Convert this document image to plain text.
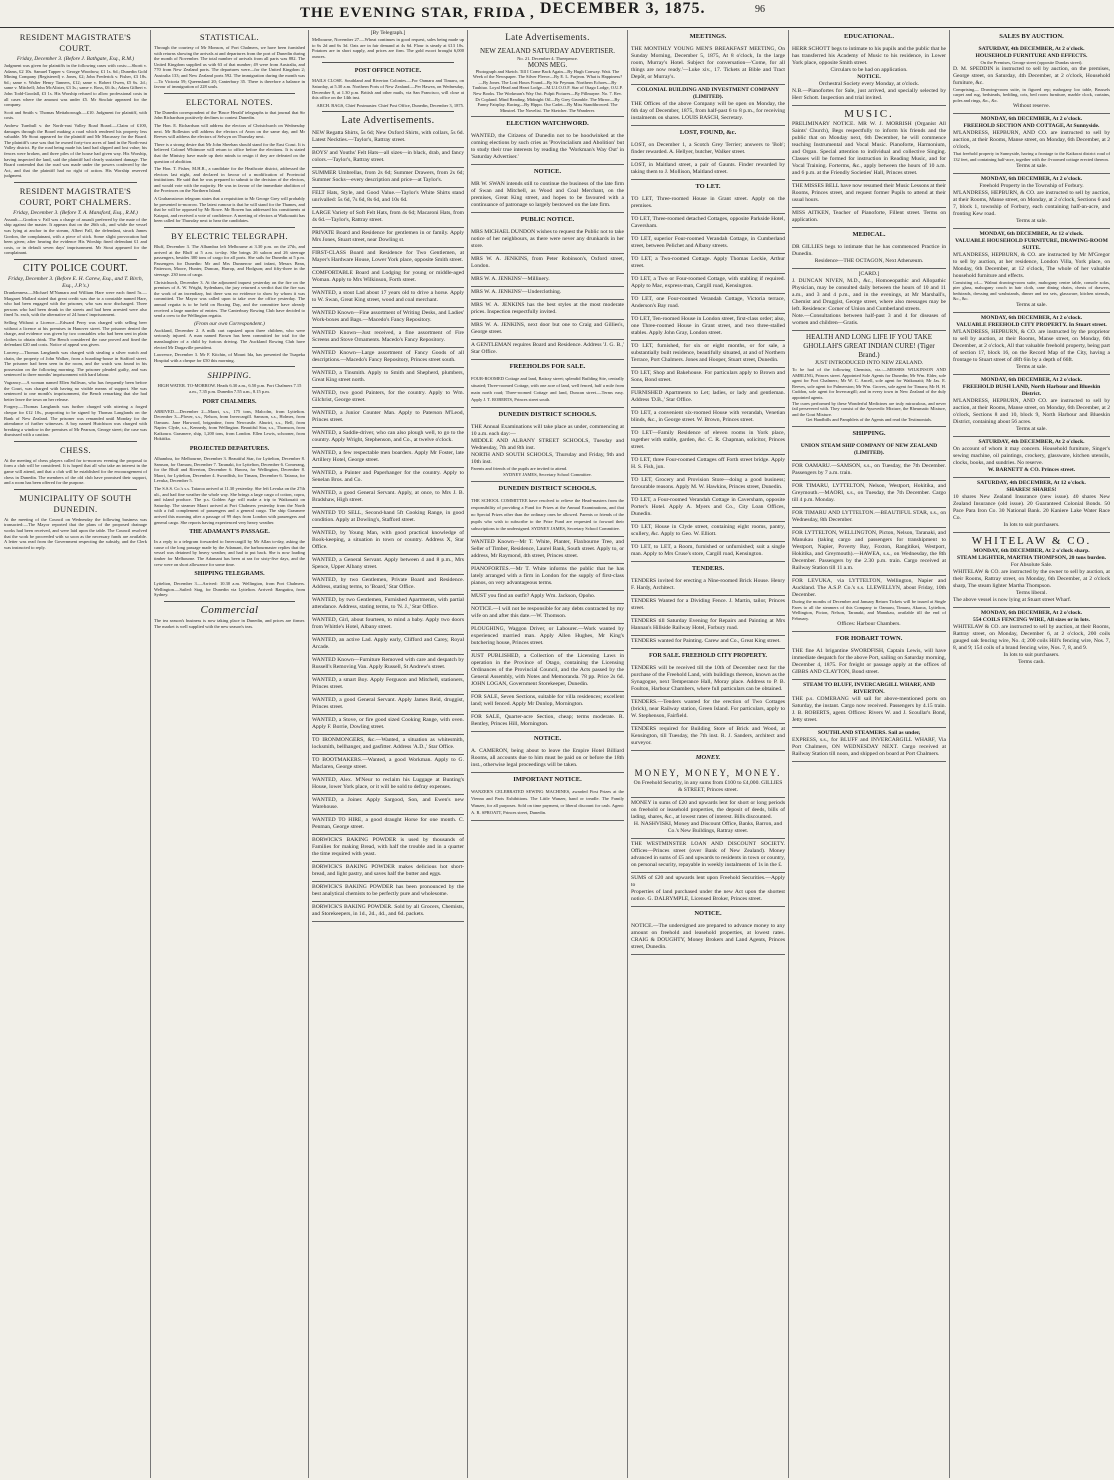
THE EVENING STAR, FRIDA , DECEMBER 3, 1875.	96
RESIDENT MAGISTRATE'S COURT.
Friday, December 3. (Before J. Bathgate, Esq., R.M.)

Judgment was given for plaintiffs in the following cases with costs:—Shortt v. Adams, £2 10s. Samuel Tapper v. George Woodrow, £1 1s. 6d.; Dunedin Gold Mining Company (Registered) v. Jones, £2; John Frederick v. Fisher, £3 18s. 6d.; same v. Walter Henry Tanners, £12; same v. Robert Owen, £5 6s. 2d.; same v. Mitchell; John McAlister, £3 3s.; same v. Ross, £6 4s.; Adam Gilbert v. John Todd-Goodall, £3 1s. His Worship refused to allow professional costs in all cases where the amount was under £5. Mr Sinclair appeared for the company.

Scott and Smith v. Thomas Mettaborough.—£10. Judgment for plaintiff, with costs.

Andrew Turnbull v. the North-east Valley Road Board.—Claim of £100, damages through the Board making a road which rendered his property less valuable. Mr Stout appeared for the plaintiff and Mr Macassey for the Board. The plaintiff's case was that he owned forty-two acres of land in the North-east Valley district. By the road being made his land had slipped and lost value; his fences were broken, and three piles of the house had given way. His Worship, having inspected the land, said the plaintiff had clearly sustained damage. The Board contended that the road was made under the powers conferred by the Act, and that the plaintiff had no right of action. His Worship reserved judgment.

RESIDENT MAGISTRATE'S COURT, PORT CHALMERS.
Friday, December 3. (Before T. A. Mansford, Esq., R.M.)

Assault.—Gordon v. Fall was a charge of assault preferred by the mate of the ship against the master. It appears that on the 26th ult., and while the vessel was lying at anchor in the stream, Albert Fall, the defendant, struck James Gordon, the complainant, with a piece of stick. Some slight provocation had been given; after hearing the evidence His Worship fined defendant £1 and costs, or in default seven days' imprisonment. Mr Stout appeared for the complainant.

CITY POLICE COURT.
Friday, December 3. (Before E. H. Carew, Esq., and T. Birch, Esq., J.P.'s.)

Drunkenness.—Michael M'Namara and William Hare were each fined 5s.—Margaret Mallard stated that great credit was due to a constable named Hare, who had been engaged with the prisoner, who was now discharged. Three persons who had been drunk in the streets and had been arrested were also fined 5s. each, with the alternative of 24 hours' imprisonment.

Selling Without a Licence.—Edward Perry was charged with selling beer without a licence at his premises in Hanover street. The prisoner denied the charge, and evidence was given by two constables who had been sent in plain clothes to obtain drink. The Bench considered the case proved and fined the defendant £20 and costs. Notice of appeal was given.

Larceny.—Thomas Langlands was charged with stealing a silver watch and chain, the property of John Walker, from a boarding-house in Stafford street. The prisoner had been seen in the room, and the watch was found in his possession on the following morning. The prisoner pleaded guilty, and was sentenced to three months' imprisonment with hard labour.

Vagrancy.—A woman named Ellen Sullivan, who has frequently been before the Court, was charged with having no visible means of support. She was sentenced to one month's imprisonment, the Bench remarking that she had better leave the town on her release.

Forgery.—Thomas Langlands was further charged with uttering a forged cheque for £12 10s., purporting to be signed by Thomas Langlands on the Bank of New Zealand. The prisoner was remanded until Monday for the attendance of further witnesses. A boy named Hutchison was charged with breaking a window in the premises of Mr Pearson, George street; the case was dismissed with a caution.

CHESS.

At the meeting of chess players called for to-morrow evening the proposal to form a club will be considered. It is hoped that all who take an interest in the game will attend, and that a club will be established for the encouragement of chess in Dunedin. The members of the old club have promised their support, and a room has been offered for the purpose.

MUNICIPALITY OF SOUTH DUNEDIN.

At the meeting of the Council on Wednesday the following business was transacted:—The Mayor reported that the plans of the proposed drainage works had been received, and were laid upon the table. The Council resolved that the work be proceeded with so soon as the necessary funds are available. A letter was read from the Government respecting the subsidy, and the Clerk was instructed to reply.

STATISTICAL.

Through the courtesy of Mr Monson, of Port Chalmers, we have been furnished with returns showing the arrivals at and departures from the port of Dunedin during the month of November. The total number of arrivals from all parts was 882. The United Kingdom supplied us with 63 of that number; 49 were from Australia, and 770 from New Zealand ports. The departures were—for the United Kingdom 2; Australia 133; and New Zealand ports 592. The immigration during the month was—To Victoria 59; Queensland 20; Canterbury 35. There is therefore a balance in favour of immigration of 228 souls.

ELECTORAL NOTES.

The Dunedin correspondent of the 'Bruce Herald' telegraphs to that journal that Sir John Richardson positively declines to contest Dunedin.

The Hon. E. Richardson will address the electors of Christchurch on Wednesday next. Mr Rolleston will address the electors of Avon on the same day, and Mr Reeves will address the electors of Selwyn on Thursday next.

There is a strong desire that Mr John Sheehan should stand for the East Coast. It is believed Colonel Whitmore will return to office before the elections. It is stated that the Ministry have made up their minds to resign if they are defeated on the question of abolition.

The Hon. T. Fisher, M.H.R., a candidate for the Heathcote district, addressed the electors last night, and declared in favour of a modification of Provincial institutions. He said that he was prepared to submit to the decision of the electors, and would vote with the majority. He was in favour of the immediate abolition of the Provinces on the Northern Island.

A Grahamstown telegram states that a requisition to Mr George Grey will probably be presented to-morrow. The latest rumour is that he will stand for the Thames, and that he will be opposed by Mr Rowe. Mr Bowen has addressed his constituents at Kaiapoi, and received a vote of confidence. A meeting of electors at Waikouaiti has been called for Thursday next to hear the candidates.

BY ELECTRIC TELEGRAPH.

Bluff, December 3. The Alhambra left Melbourne at 3.30 p.m. on the 27th, and arrived at the Bluff at 5 a.m. to-day. She brings 26 saloon and 26 steerage passengers, besides 300 tons of cargo for all ports. She sails for Dunedin at 5 p.m. Passengers for Dunedin: Mr and Mrs Dunnerow and infant, Messrs Bean, Patterson, Moore, Hunter, Duncan, Harrop, and Hodgson; and fifty-three in the steerage. 230 tons of cargo.

Christchurch, December 3. At the adjourned inquest yesterday on the fire on the premises of A. W. Wright, Sydenham, the jury returned a verdict that the fire was the work of an incendiary, but there was no evidence to show by whom it was committed. The Mayor was called upon to take over the office yesterday. The annual regatta is to be held on Boxing Day, and the committee have already received a large number of entries. The Canterbury Rowing Club have decided to send a crew to the Wellington regatta.

(From our own Correspondent.)

Auckland, December 2. A milk cart capsized upon three children, who were seriously injured. A man named Brown has been committed for trial for the manslaughter of a child by furious driving. The Auckland Rowing Club have elected Mr Dargaville president.

Lawrence, December 3. Mr F. Kitchin, of Mount Ida, has presented the Tuapeka Hospital with a cheque for £50 this morning.

SHIPPING.

HIGH WATER. TO-MORROW. Heads 6.30 a.m., 6.50 p.m. Port Chalmers 7.15 a.m., 7.35 p.m. Dunedin 7.55 a.m., 8.15 p.m.

PORT CHALMERS.

ARRIVED.—December 2—Maori, s.s., 175 tons, Malcolm, from Lyttelton. December 3—Plover, s.s., Nelson, from Invercargill. Samson, s.s., Holmes, from Oamaru. Jane Harwood, brigantine, from Newcastle. Ahuriri, s.s., Bell, from Napier. Clyde, s.s., Kennedy, from Wellington. Beautiful Star, s.s., Thomson, from Kaikoura. Grasmere, ship, 1,200 tons, from London. Ellen Lewis, schooner, from Hokitika.

PROJECTED DEPARTURES.

Alhambra, for Melbourne, December 3. Beautiful Star, for Lyttelton, December 8. Samson, for Oamaru, December 7. Taranaki, for Lyttelton, December 6. Comerang, for the Bluff and Riverton, December 6. Hawea, for Wellington, December 8. Maori, for Lyttelton, December 4. Swordfish, for Timaru, December 6. Taiaroa, for Levuka, December 5.

The S.S.S. Co.'s s.s. Taiaroa arrived at 11.30 yesterday. She left Levuka on the 27th ult., and had fine weather the whole way. She brings a large cargo of cotton, copra, and island produce. The p.s. Golden Age will make a trip to Waikouaiti on Saturday. The steamer Maori arrived at Port Chalmers yesterday from the North with a full complement of passengers and a general cargo. The ship Grasmere arrived this morning after a passage of 99 days from London with passengers and general cargo. She reports having experienced very heavy weather.

THE ADAMANT'S PASSAGE.

In a reply to a telegram forwarded to Invercargill by Mr Allan to-day, asking the cause of the long passage made by the Adamant, the harbourmaster replies that the vessel was detained by heavy weather, and had to put back. She is now loading timber for Melbourne. The Adamant has been at sea for sixty-five days, and the crew were on short allowance for some time.

SHIPPING TELEGRAMS.

Lyttelton, December 3.—Arrived: 10.30 a.m. Wellington, from Port Chalmers. Wellington.—Sailed: Stag, for Dunedin via Lyttelton. Arrived: Rangatira, from Sydney.

Commercial

The tea season's business is now taking place in Dunedin, and prices are firmer. The market is well supplied with the new season's teas.

[By Telegraph.]

Melbourne, November 27.—Wheat continues in good request, sales being made up to 6s 2d and 6s 3d. Oats are in fair demand at 4s 6d. Flour is steady at £13 10s. Potatoes are in short supply, and prices are firm. The gold escort brought 6,000 ounces.

POST OFFICE NOTICE.

MAILS CLOSE. Southland and Riverton Colonies.—For Oamaru and Timaru, on Saturday, at 5.30 a.m. Northern Ports of New Zealand.—Per Hawea, on Wednesday, December 8, at 1.30 p.m. British and other mails, via San Francisco, will close at this office on the 14th inst.

ARCH. BAGS, Chief Postmaster. Chief Post Office, Dunedin, December 3, 1875.

Late Advertisements.
NEW Regatta Shirts, 5s 6d; New Oxford Shirts, with collars, 5s 6d. Latest Neckties.—Taylor's, Rattray street.
BOYS' and Youths' Felt Hats—all sizes—in black, drab, and fancy colors.—Taylor's, Rattray street.
SUMMER Umbrellas, from 2s 6d; Summer Drawers, from 2s 6d; Summer Socks—every description and price—at Taylor's.
FELT Hats, Style, and Good Value.—Taylor's White Shirts stand unrivalled: 5s 6d, 7s 6d, 8s 6d, and 10s 6d.
LARGE Variety of Soft Felt Hats, from 4s 6d; Macaroni Hats, from 4s 6d.—Taylor's, Rattray street.
PRIVATE Board and Residence for gentlemen in or family. Apply Mrs Jones, Stuart street, near Dowling st.
FIRST-CLASS Board and Residence for Two Gentlemen, at Mayer's Hardware House, Lower York place, opposite Smith street.
COMFORTABLE Board and Lodging for young or middle-aged Woman. Apply to Mrs Wilkinson, Forth street.
WANTED, a stout Lad about 17 years old to drive a horse. Apply to W. Swan, Great King street, wood and coal merchant.
WANTED Known—Fine assortment of Writing Desks, and Ladies' Work-boxes and Bags.—Macedo's Fancy Repository.
WANTED Known—Just received, a fine assortment of Fire Screens and Stove Ornaments. Macedo's Fancy Repository.
WANTED Known—Large assortment of Fancy Goods of all descriptions.—Macedo's Fancy Repository, Princes street south.
WANTED, a Tinsmith. Apply to Smith and Shepherd, plumbers, Great King street north.
WANTED, two good Painters, for the country. Apply to Wm. Gilchrist, George street.
WANTED, a Junior Counter Man. Apply to Paterson M'Leod, Princes street.
WANTED, a Saddle-driver, who can also plough well, to go to the country. Apply Wright, Stephenson, and Co., at twelve o'clock.
WANTED, a few respectable men boarders. Apply Mr Foster, late Artillery Hotel, George street.
WANTED, a Painter and Paperhanger for the country. Apply to Senelan Bros. and Co.
WANTED, a good General Servant. Apply, at once, to Mrs J. B. Bradshaw, High street.
WANTED TO SELL, Second-hand 5ft Cooking Range, in good condition. Apply at Dowling's, Stafford street.
WANTED, by Young Man, with good practical knowledge of Book-keeping, a situation in town or country. Address X, Star Office.
WANTED, a General Servant. Apply between 4 and 8 p.m., Mrs Spence, Upper Albany street.
WANTED, by two Gentlemen, Private Board and Residence. Address, stating terms, to 'Board,' Star Office.
WANTED, by two Gentlemen, Furnished Apartments, with partial attendance. Address, stating terms, to 'N. J.,' Star Office.
WANTED, Girl, about fourteen, to mind a baby. Apply two doors from Whittle's Hotel, Albany street.
WANTED, an active Lad. Apply early, Clifford and Carey, Royal Arcade.
WANTED Known—Furniture Removed with care and despatch by Russell's Removing Van. Apply Russell, St Andrew's street.
WANTED, a smart Boy. Apply Ferguson and Mitchell, stationers, Princes street.
WANTED, a good General Servant. Apply James Reid, druggist, Princes street.
WANTED, a Stove, or fire good sized Cooking Range, with oven. Apply F. Borrie, Dowling street.
TO IRONMONGERS, &c.—Wanted, a situation as whitesmith, locksmith, bellhanger, and gasfitter. Address 'A.D.,' Star Office.
TO BOOTMAKERS.—Wanted, a good Workman. Apply to G. Maclaren, George street.
WANTED, Alex. M'Neur to reclaim his Luggage at Bunting's House, lower York place, or it will be sold to defray expenses.
WANTED, a Joiner. Apply Sargood, Son, and Ewen's new Warehouse.
WANTED TO HIRE, a good draught Horse for one month. C. Penman, George street.
BORWICK'S BAKING POWDER is used by thousands of Families for making Bread, with half the trouble and in a quarter the time required with yeast.
BORWICK'S BAKING POWDER makes delicious hot short-bread, and light pastry, and saves half the butter and eggs.
BORWICK'S BAKING POWDER has been pronounced by the best analytical chemists to be perfectly pure and wholesome.
BORWICK'S BAKING POWDER. Sold by all Grocers, Chemists, and Storekeepers, in 1d., 2d., 4d., and 6d. packets.
Late Advertisements.
NEW ZEALAND SATURDAY ADVERTISER.
No. 21. December 4. Threepence.
MONS MEG.
Photograph and Sketch. Till I Come Back Again—By Hugh Conway. Wait. The Week of the Newspaper. The Silver Fleece—By E. L. Farjeon. What is Happiness?—By Jones. The Lost Hours Found—By Sir Peyman. Northern Echoes—By Tauhiuo. Loyal Head and Heart Lodge—M.U.I.O.O.F. Star of Otago Lodge, O.U.P. New Books. The Workman's Way Out. Pulpit Pictures—By Pillmayne. No. 7. Rev. Dr Copland. Mind Reading. Midnight Oil—By Grey Grumble. The Mirror—By Fanny Fairplay. Racing—By Hippo. Our Cadet—By Miss Standthrowed. The Minstrel. The Novelist. The Sketcher. The Wanderer.
ELECTION WATCHWORD.
WANTED, the Citizens of Dunedin not to be hoodwinked at the coming elections by such cries as 'Provincialism and Abolition' but to study their true interests by reading the 'Workman's Way Out' in 'Saturday Advertiser.'
NOTICE.
MR W. SWAN intends still to continue the business of the late firm of Swan and Mitchell, as Wood and Coal Merchant, on the premises, Great King street, and hopes to be favoured with a continuance of patronage so largely bestowed on the late firm.
PUBLIC NOTICE.
MRS MICHAEL DUNDON wishes to request the Public not to take notice of her neighbours, as there were never any drunkards in her store.
MRS W. A. JENKINS, from Peter Robinson's, Oxford street, London.
MRS W. A. JENKINS'—Millinery.
MRS W. A. JENKINS'—Underclothing.
MRS W. A. JENKINS has the best styles at the most moderate prices. Inspection respectfully invited.
MRS W. A. JENKINS, next door but one to Craig and Gillies's, George street.
A GENTLEMAN requires Board and Residence. Address 'J. G. B.,' Star Office.
FREEHOLDS FOR SALE.
FOUR-ROOMED Cottage and land, Rattray street; splendid Building Site, centrally situated; Three-roomed Cottage, with one acre of land, well fenced, half a mile from main north road; Three-roomed Cottage and land, Duncan street.—Terms easy. Apply J. T. ROBERTS, Princes street south.
DUNEDIN DISTRICT SCHOOLS.
THE Annual Examinations will take place as under, commencing at 10 a.m. each day:—
MIDDLE AND ALBANY STREET SCHOOLS, Tuesday and Wednesday, 7th and 8th inst.
NORTH AND SOUTH SCHOOLS, Thursday and Friday, 9th and 10th inst.
Parents and friends of the pupils are invited to attend.
SYDNEY JAMES, Secretary School Committee.
DUNEDIN DISTRICT SCHOOLS.
THE SCHOOL COMMITTEE have resolved to relieve the Head-masters from the responsibility of providing a Fund for Prizes at the Annual Examinations, and that no Special Prizes other than the ordinary ones be allowed. Parents or friends of the pupils who wish to subscribe to the Prize Fund are requested to forward their subscriptions to the undersigned. SYDNEY JAMES, Secretary School Committee.
WANTED Known—Mr T. White, Planter, Flaxbourne Tree, and Seller of Timber, Residence, Laurel Bank, South street. Apply to, or address, Mr Raymond, 4th street, Princes street.
PIANOFORTES.—Mr T. White informs the public that he has lately arranged with a firm in London for the supply of first-class pianos, on very advantageous terms.
MUST you find an outfit? Apply Wm. Jackson, Opoho.
NOTICE.—I will not be responsible for any debts contracted by my wife on and after this date.—W. Thomson.
PLOUGHING, Waggon Driver, or Labourer.—Work wanted by experienced married man. Apply Allen Hughes, Mr King's butchering house, Princes street.
JUST PUBLISHED, a Collection of the Licensing Laws in operation in the Province of Otago, containing the Licensing Ordinances of the Provincial Council, and the Acts passed by the General Assembly, with Notes and Memoranda. 78 pp. Price 2s 6d. JOHN LOGAN, Government Storekeeper, Dunedin.
FOR SALE, Seven Sections, suitable for villa residences; excellent land; well fenced. Apply Mr Dunlop, Mornington.
FOR SALE, Quarter-acre Section, cheap; terms moderate. R. Bentley, Princes Hill, Mornington.
NOTICE.
A. CAMERON, being about to leave the Empire Hotel Billiard Rooms, all accounts due to him must be paid on or before the 18th inst., otherwise legal proceedings will be taken.
IMPORTANT NOTICE.
WANZER'S CELEBRATED SEWING MACHINES, awarded First Prizes at the Vienna and Paris Exhibitions. The Little Wanzer, hand or treadle. The Family Wanzer, for all purposes. Sold on time payment, or liberal discount for cash. Agent: A. R. SPROATT, Princes street, Dunedin.
MEETINGS.
THE MONTHLY YOUNG MEN'S BREAKFAST MEETING, On Sunday Morning, December 5, 1875, At 8 o'clock, In the large room, Murray's Hotel. Subject for conversation—'Come, for all things are now ready.'—Luke xiv., 17. Tickets at Bible and Tract Depôt, or Murray's.
COLONIAL BUILDING AND INVESTMENT COMPANY (LIMITED).
THE Offices of the above Company will be open on Monday, the 6th day of December, 1875, from half-past 6 to 8 p.m., for receiving instalments on shares. LOUIS BASCH, Secretary.
LOST, FOUND, &c.
LOST, on December 1, a Scotch Grey Terrier; answers to 'Bob'; finder rewarded. A. Hellyer, butcher, Walker street.
LOST, in Maitland street, a pair of Gaunts. Finder rewarded by taking them to J. Mollison, Maitland street.
TO LET.
TO LET, Three-roomed House in Grant street. Apply on the premises.
TO LET, Three-roomed detached Cottages, opposite Parkside Hotel, Caversham.
TO LET, superior Four-roomed Verandah Cottage, in Cumberland street, between Pelichet and Albany streets.
TO LET, a Two-roomed Cottage. Apply Thomas Leckie, Arthur street.
TO LET, a Two or Four-roomed Cottage, with stabling if required. Apply to Mac, express-man, Cargill road, Kensington.
TO LET, one Four-roomed Verandah Cottage, Victoria terrace, Anderson's Bay road.
TO LET, Ten-roomed House in London street, first-class order; also, one Three-roomed House in Grant street, and two three-stalled stables. Apply John Gray, London street.
TO LET, furnished, for six or eight months, or for sale, a substantially built residence, beautifully situated, at and of Northern Terrace, Port Chalmers. Jones and Hooper, Stuart street, Dunedin.
TO LET, Shop and Bakehouse. For particulars apply to Brown and Sons, Bond street.
FURNISHED Apartments to Let; ladies, or lady and gentleman. Address 'D.B.,' Star Office.
TO LET, a convenient six-roomed House with verandah, Venetian blinds, &c., in George street. W. Brown, Princes street.
TO LET—Family Residence of eleven rooms in York place, together with stable, garden, &c. C. R. Chapman, solicitor, Princes street.
TO LET, three Four-roomed Cottages off Forth street bridge. Apply H. S. Fish, jun.
TO LET, Grocery and Provision Store—doing a good business; favourable reasons. Apply M. W. Hawkins, Princes street, Dunedin.
TO LET, a Four-roomed Verandah Cottage in Caversham, opposite Porter's Hotel. Apply A. Myers and Co., City Loan Offices, Dunedin.
TO LET, House in Clyde street, containing eight rooms, pantry, scullery, &c. Apply to Geo. W. Elliott.
TO LET, to LET, a Room, furnished or unfurnished; suit a single man. Apply to Mrs Cruse's store, Cargill road, Kensington.
TENDERS.
TENDERS invited for erecting a Nine-roomed Brick House. Henry F. Hardy, Architect.
TENDERS Wanted for a Dividing Fence. J. Martin, tailor, Princes street.
TENDERS till Saturday Evening for Repairs and Painting at Mrs Hannan's Hillside Railway Hotel, Forbury road.
TENDERS wanted for Painting. Carew and Co., Great King street.
FOR SALE. FREEHOLD CITY PROPERTY.
TENDERS will be received till the 10th of December next for the purchase of the Freehold Land, with buildings thereon, known as the Synagogue, next Temperance Hall, Moray place. Address to P. B. Foulton, Harbour Chambers, where full particulars can be obtained.
TENDERS.—Tenders wanted for the erection of Two Cottages (brick), near Railway station, Green Island. For particulars, apply to W. Stephenson, Fairfield.
TENDERS required for Building Store of Brick and Wood, at Kensington, till Tuesday, the 7th inst. R. J. Sanders, architect and surveyor.
MONEY.
MONEY, MONEY, MONEY.
On Freehold Security, in any sums from £100 to £4,000. GILLIES & STREET, Princes street.
MONEY in sums of £20 and upwards lent for short or long periods on freehold or leasehold properties, the deposit of deeds, bills of lading, shares, &c., at lowest rates of interest. Bills discounted.
H. NASHVISKI, Money and Discount Office, Banks, Barron, and Co.'s New Buildings, Rattray street.
THE WESTMINSTER LOAN AND DISCOUNT SOCIETY. Offices—Princes street (over Bank of New Zealand). Money advanced in sums of £5 and upwards to residents in town or country, on personal security, repayable in weekly instalments of 1s in the £.
SUMS of £20 and upwards lent upon Freehold Securities.—Apply to
Properties of land purchased under the new Act upon the shortest notice. G. DALRYMPLE, Licensed Broker, Princes street.
NOTICE.
NOTICE.—The undersigned are prepared to advance money to any amount on freehold and leasehold properties, at lowest rates. CRAIG & DOUGHTY, Money Brokers and Land Agents, Princes street, Dunedin.
EDUCATIONAL.
HERR SCHOTT begs to intimate to his pupils and the public that he has transferred his Academy of Music to his residence, in Lower York place, opposite Smith street.
Circulars to be had on application.
NOTICE.
Orchestral Society every Monday, at o'clock.
N.B.—Pianofortes for Sale, just arrived, and specially selected by Herr Schott. Inspection and trial invited.
MUSIC.
PRELIMINARY NOTICE. MR W. J. MORRISH (Organist All Saints' Church), Begs respectfully to inform his friends and the public that on Monday next, 6th December, he will commence teaching Instrumental and Vocal Music. Pianoforte, Harmonium, and Organ. Special attention to individual and collective Singing. Classes will be formed for instruction in Reading Music, and for Vocal Training. Forterms, &c., apply between the hours of 10 a.m. and 6 p.m. at the Friendly Societies' Hall, Princes street.
THE MISSES BELL have now resumed their Music Lessons at their Rooms, Princes street, and request former Pupils to attend at their usual hours.
MISS AITKEN, Teacher of Pianoforte, Fillent street. Terms on application.
MEDICAL.
DR GILLIES begs to intimate that he has commenced Practice in Dunedin.
Residence—THE OCTAGON, Next Athenæum.
[CARD.]
J. DUNCAN NIVEN, M.D., &c., Homoeopathic and Allopathic Physician, may be consulted daily between the hours of 10 and 11 a.m., and 3 and 4 p.m., and in the evenings, at Mr Marshall's, Chemist and Druggist, George street, where also messages may be left. Residence: Corner of Union and Cumberland streets.
Note.—Consultations between half-past 3 and 4 for diseases of women and children—Gratis.
HEALTH AND LONG LIFE IF YOU TAKE GHOLLAH'S GREAT INDIAN CURE! (Tiger Brand.)
JUST INTRODUCED INTO NEW ZEALAND.
To be had of the following Chemists, viz.:—MESSRS WILKINSON AND AMBLING, Princes street. Appointed Sole Agents for Dunedin; Mr Wm. Elder, sole agent for Port Chalmers; Mr W. C. Ancell, sole agent for Waikouaiti; Mr Jas. E. Reeves, sole agent for Palmerston; Mr Wm. Groves, sole agent for Timaru; Mr H. H. Cuddon, sole agent for Invercargill; and in every town in New Zealand of the duly appointed agents.
The cures performed by these Wonderful Medicines are truly miraculous, and never fail persevered with. They consist of the Ayurvedic Mixture, the Rheumatic Mixture, and the Gout Mixture.
Get Handbills and Pamphlets of the Agents and read the Testimonials.
SHIPPING.
UNION STEAM SHIP COMPANY OF NEW ZEALAND (LIMITED).
FOR OAMARU.—SAMSON, s.s., on Tuesday, the 7th December. Passengers by 7 a.m. train.
FOR TIMARU, LYTTELTON, Nelson, Westport, Hokitika, and Greymouth.—MAORI, s.s., on Tuesday, the 7th December. Cargo till 4 p.m. Monday.
FOR TIMARU AND LYTTELTON.—BEAUTIFUL STAR, s.s., on Wednesday, 8th December.
FOR LYTTELTON, WELLINGTON, Picton, Nelson, Taranaki, and Manukau (taking cargo and passengers for transhipment to Westport, Napier, Poverty Bay, Foxton, Rangitikei, Westport, Hokitika, and Greymouth).—HAWEA, s.s., on Wednesday, the 8th December. Passengers by the 2.30 p.m. train. Cargo received at Railway Station till 11 a.m.
FOR LEVUKA, via LYTTELTON, Wellington, Napier and Auckland. The A.S.P. Co.'s s.s. LLEWELLYN, about Friday, 10th December.
During the months of December and January Return Tickets will be issued at Single Fares to all the steamers of this Company to Oamaru, Timaru, Akaroa, Lyttelton, Wellington, Picton, Nelson, Taranaki, and Manukau, available till the end of February.
Offices: Harbour Chambers.
FOR HOBART TOWN.
THE fine A1 brigantine SWORDFISH, Captain Lewis, will have immediate despatch for the above Port, sailing on Saturday morning, December 4, 1875. For freight or passage apply at the offices of GIBBS AND CLAYTON, Bond street.
STEAM TO BLUFF, INVERCARGILL WHARF, AND RIVERTON.
THE p.s. COMERANG will sail for above-mentioned ports on Saturday, the instant. Cargo now received. Passengers by 4.15 train. J. B. ROBERTS, agent. Offices: Rivers W. and J. Scoullar's Bond, Jetty street.
SOUTHLAND STEAMERS. Sail as under,
EXPRESS, s.s., for BLUFF and INVERCARGILL WHARF, Via Port Chalmers, ON WEDNESDAY NEXT. Cargo received at Railway Station till noon, and shipped on board at Port Chalmers.
SALES BY AUCTION.
SATURDAY, 4th DECEMBER, At 2 o'clock.
HOUSEHOLD FURNITURE AND EFFECTS.
On the Premises, George street (opposite Dundas street).
D. M. SPEDDIN is instructed to sell by auction, on the premises, George street, on Saturday, 4th December, at 2 o'clock, Household furniture, &c.
Comprising— Drawing-room suite, in figured rep; mahogany loo table, Brussels carpet and rug, bedsteads, bedding, cots, bed room furniture, marble clock, curtains, poles and rings, &c., &c.
Without reserve.
MONDAY, 6th DECEMBER, At 2 o'clock.
FREEHOLD SECTION AND COTTAGE, At Sunnyside.
M'LANDRESS, HEPBURN, AND CO. are instructed to sell by auction, at their Rooms, Manse street, on Monday, 6th December, at 2 o'clock,
That freehold property in Sunnyside, having a frontage to the Kaikorai district road of 132 feet, and containing half-acre, together with the 4-roomed cottage erected thereon.
Terms at sale.
MONDAY, 6th DECEMBER, At 2 o'clock.
Freehold Property in the Township of Forbury.
M'LANDRESS, HEPBURN, & CO. are instructed to sell by auction, at their Rooms, Manse street, on Monday, at 2 o'clock, Sections 6 and 7, block 1, township of Forbury, each containing half-an-acre, and fronting Kew road.
Terms at sale.
MONDAY, 6th DECEMBER, At 12 o'clock.
VALUABLE HOUSEHOLD FURNITURE, DRAWING-ROOM SUITE.
M'LANDRESS, HEPBURN, & CO. are instructed by Mr M'Gregor to sell by auction, at her residence, London Villa, York place, on Monday, 6th December, at 12 o'clock, The whole of her valuable household furniture and effects.
Consisting of— Walnut drawing-room suite, mahogany centre table, console sofas, pier glass, mahogany couch in hair cloth, cane dining chairs, chests of drawers, bedsteads, dressing and washstands, dinner and tea sets, glassware, kitchen utensils, &c., &c.
Terms at sale.
MONDAY, 6th DECEMBER, At 2 o'clock.
VALUABLE FREEHOLD CITY PROPERTY. In Stuart street.
M'LANDRESS, HEPBURN, & CO. are instructed by the proprietor to sell by auction, at their Rooms, Manse street, on Monday, 6th December, at 2 o'clock, All that valuable freehold property, being part of section 17, block 16, on the Record Map of the City, having a frontage to Stuart street of 48ft 6in by a depth of 66ft.
Terms at sale.
MONDAY, 6th DECEMBER, At 2 o'clock.
FREEHOLD BUSH LAND, North Harbour and Blueskin District.
M'LANDRESS, HEPBURN, AND CO. are instructed to sell by auction, at their Rooms, Manse street, on Monday, 6th December, at 2 o'clock, Sections 8 and 10, block 9, North Harbour and Blueskin District, containing about 56 acres.
Terms at sale.
SATURDAY, 4th DECEMBER, At 2 o'clock.
On account of whom it may concern. Household furniture, Singer's sewing machine, oil paintings, crockery, glassware, kitchen utensils, clocks, books, and sundries. No reserve.
W. BARNETT & CO. Princes street.
SATURDAY, 4th DECEMBER, At 12 o'clock.
SHARES! SHARES!
10 shares New Zealand Insurance (new issue). 40 shares New Zealand Insurance (old issue). 20 Guaranteed Colonial Bonds. 50 Pace Para Iron Co. 30 National Bank. 20 Kaniere Lake Water Race Co.
In lots to suit purchasers.
WHITELAW & CO.
MONDAY, 6th DECEMBER, At 2 o'clock sharp.
STEAM LIGHTER, MARTHA THOMPSON, 20 tons burden.
For Absolute Sale.
WHITELAW & CO. are instructed by the owner to sell by auction, at their Rooms, Rattray street, on Monday, 6th December, at 2 o'clock sharp, The steam lighter Martha Thompson.
Terms liberal.
The above vessel is now lying at Stuart street Wharf.
MONDAY, 6th DECEMBER, At 2 o'clock.
554 COILS FENCING WIRE, All sizes or in lots.
WHITELAW & CO. are instructed to sell by auction, at their Rooms, Rattray street, on Monday, December 6, at 2 o'clock, 200 coils gauged oak fencing wire, No. 4; 200 coils Hill's fencing wire, Nos. 7, 8, and 9; 154 coils of a brand fencing wire, Nos. 7, 8, and 9.
In lots to suit purchasers.
Terms cash.
